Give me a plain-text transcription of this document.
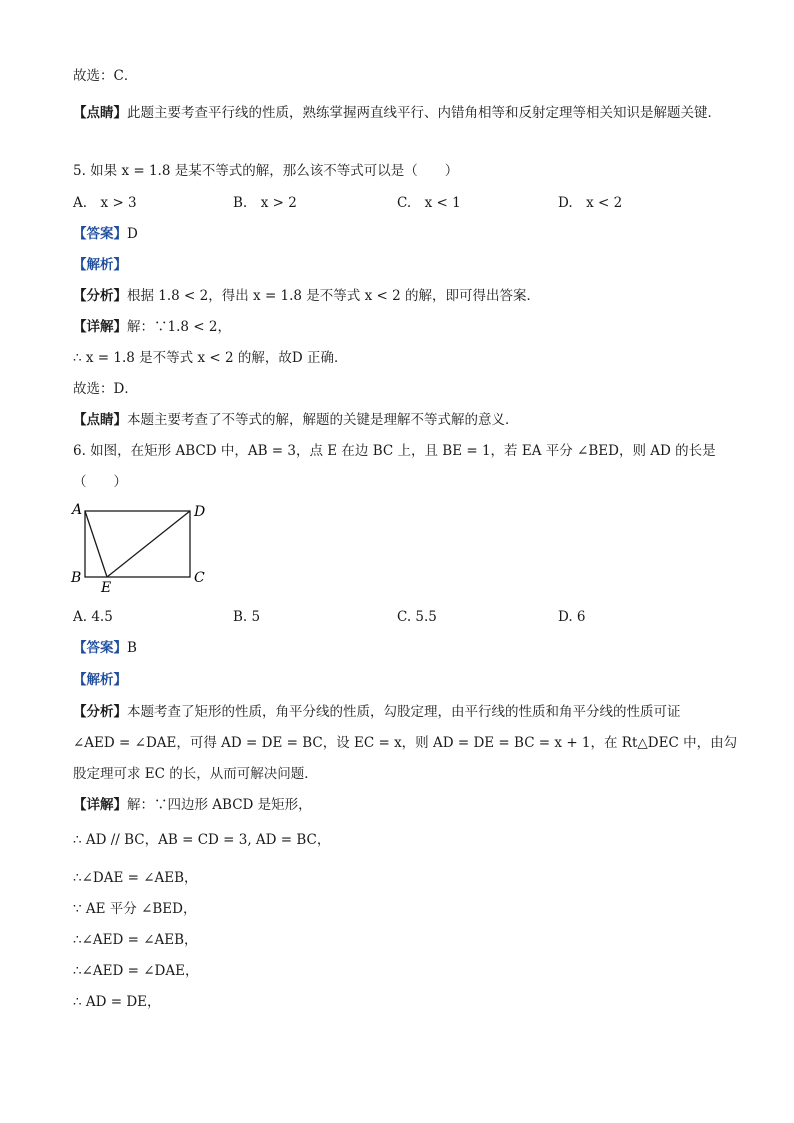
故选：C．
【点睛】此题主要考查平行线的性质，熟练掌握两直线平行、内错角相等和反射定理等相关知识是解题关键．
5. 如果 x = 1.8 是某不等式的解，那么该不等式可以是（　　）
A.　x > 3	B.　x > 2	C.　x < 1	D.　x < 2
【答案】D
【解析】
【分析】根据 1.8 < 2，得出 x = 1.8 是不等式 x < 2 的解，即可得出答案．
【详解】解：∵1.8 < 2，
∴ x = 1.8 是不等式 x < 2 的解，故D 正确．
故选：D．
【点睛】本题主要考查了不等式的解，解题的关键是理解不等式解的意义．
6. 如图，在矩形 ABCD 中，AB = 3，点 E 在边 BC 上，且 BE = 1，若 EA 平分 ∠BED，则 AD 的长是
（　　）
A	D
B	C
E
A. 4.5	B. 5	C. 5.5	D. 6
【答案】B
【解析】
【分析】本题考查了矩形的性质，角平分线的性质，勾股定理，由平行线的性质和角平分线的性质可证
∠AED = ∠DAE，可得 AD = DE = BC，设 EC = x，则 AD = DE = BC = x + 1，在 Rt△DEC 中，由勾
股定理可求 EC 的长，从而可解决问题．
【详解】解：∵四边形 ABCD 是矩形，
∴ AD // BC，AB = CD = 3, AD = BC，
∴∠DAE = ∠AEB，
∵ AE 平分 ∠BED，
∴∠AED = ∠AEB，
∴∠AED = ∠DAE，
∴ AD = DE，
